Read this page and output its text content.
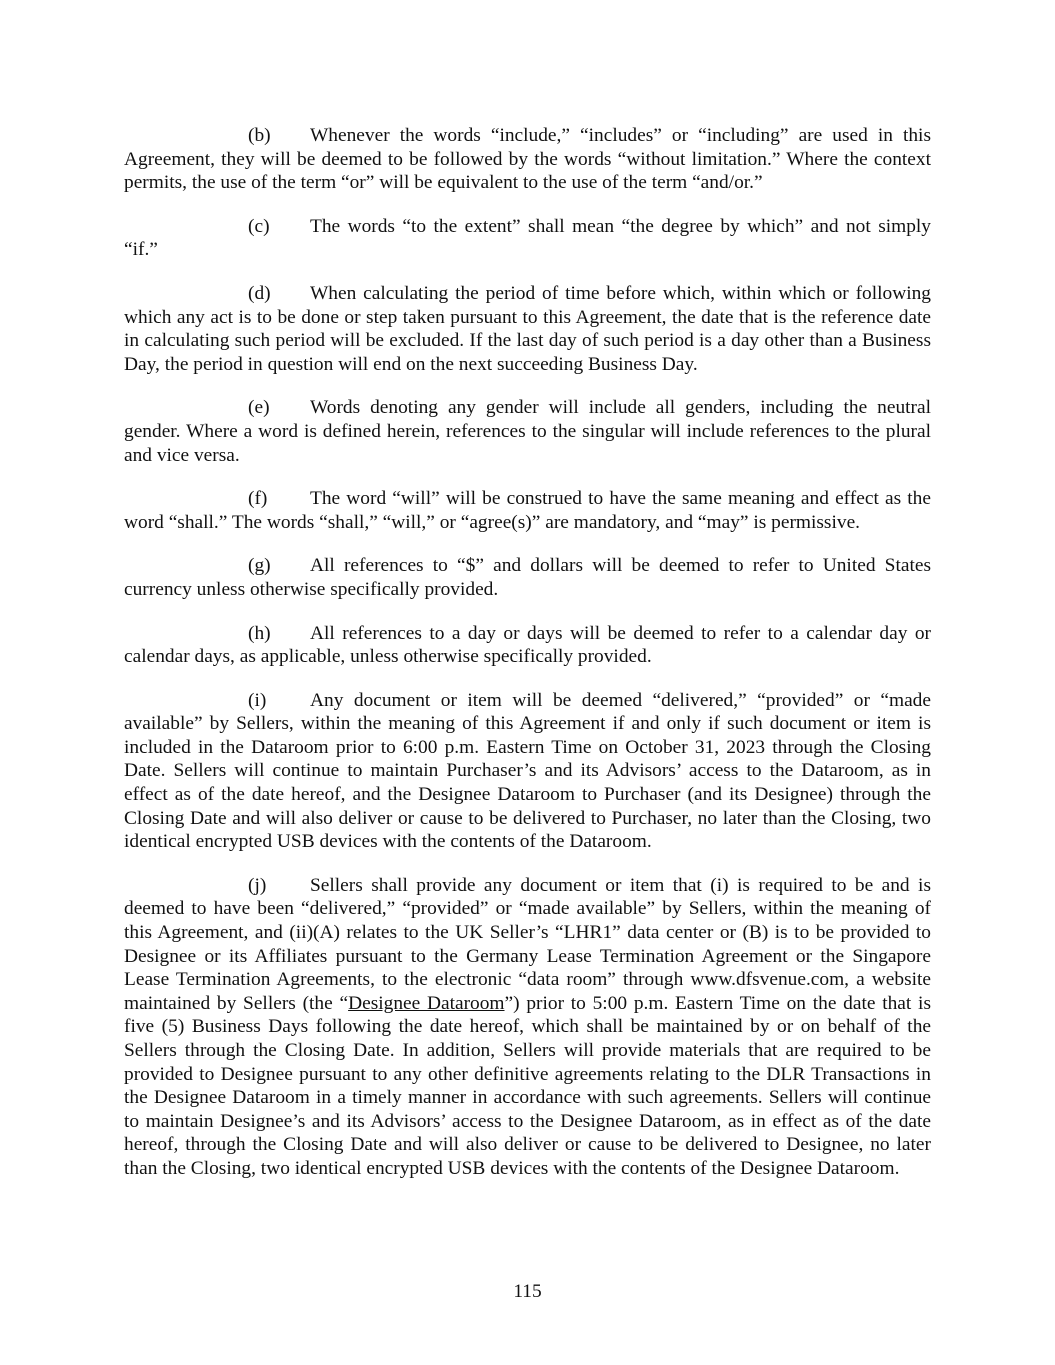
(b) Whenever the words “include,” “includes” or “including” are used in this Agreement, they will be deemed to be followed by the words “without limitation.” Where the context permits, the use of the term “or” will be equivalent to the use of the term “and/or.”

(c) The words “to the extent” shall mean “the degree by which” and not simply “if.”

(d) When calculating the period of time before which, within which or following which any act is to be done or step taken pursuant to this Agreement, the date that is the reference date in calculating such period will be excluded. If the last day of such period is a day other than a Business Day, the period in question will end on the next succeeding Business Day.

(e) Words denoting any gender will include all genders, including the neutral gender. Where a word is defined herein, references to the singular will include references to the plural and vice versa.

(f) The word “will” will be construed to have the same meaning and effect as the word “shall.” The words “shall,” “will,” or “agree(s)” are mandatory, and “may” is permissive.

(g) All references to “$” and dollars will be deemed to refer to United States currency unless otherwise specifically provided.

(h) All references to a day or days will be deemed to refer to a calendar day or calendar days, as applicable, unless otherwise specifically provided.

(i) Any document or item will be deemed “delivered,” “provided” or “made available” by Sellers, within the meaning of this Agreement if and only if such document or item is included in the Dataroom prior to 6:00 p.m. Eastern Time on October 31, 2023 through the Closing Date. Sellers will continue to maintain Purchaser’s and its Advisors’ access to the Dataroom, as in effect as of the date hereof, and the Designee Dataroom to Purchaser (and its Designee) through the Closing Date and will also deliver or cause to be delivered to Purchaser, no later than the Closing, two identical encrypted USB devices with the contents of the Dataroom.

(j) Sellers shall provide any document or item that (i) is required to be and is deemed to have been “delivered,” “provided” or “made available” by Sellers, within the meaning of this Agreement, and (ii)(A) relates to the UK Seller’s “LHR1” data center or (B) is to be provided to Designee or its Affiliates pursuant to the Germany Lease Termination Agreement or the Singapore Lease Termination Agreements, to the electronic “data room” through www.dfsvenue.com, a website maintained by Sellers (the “Designee Dataroom”) prior to 5:00 p.m. Eastern Time on the date that is five (5) Business Days following the date hereof, which shall be maintained by or on behalf of the Sellers through the Closing Date. In addition, Sellers will provide materials that are required to be provided to Designee pursuant to any other definitive agreements relating to the DLR Transactions in the Designee Dataroom in a timely manner in accordance with such agreements. Sellers will continue to maintain Designee’s and its Advisors’ access to the Designee Dataroom, as in effect as of the date hereof, through the Closing Date and will also deliver or cause to be delivered to Designee, no later than the Closing, two identical encrypted USB devices with the contents of the Designee Dataroom.

115
